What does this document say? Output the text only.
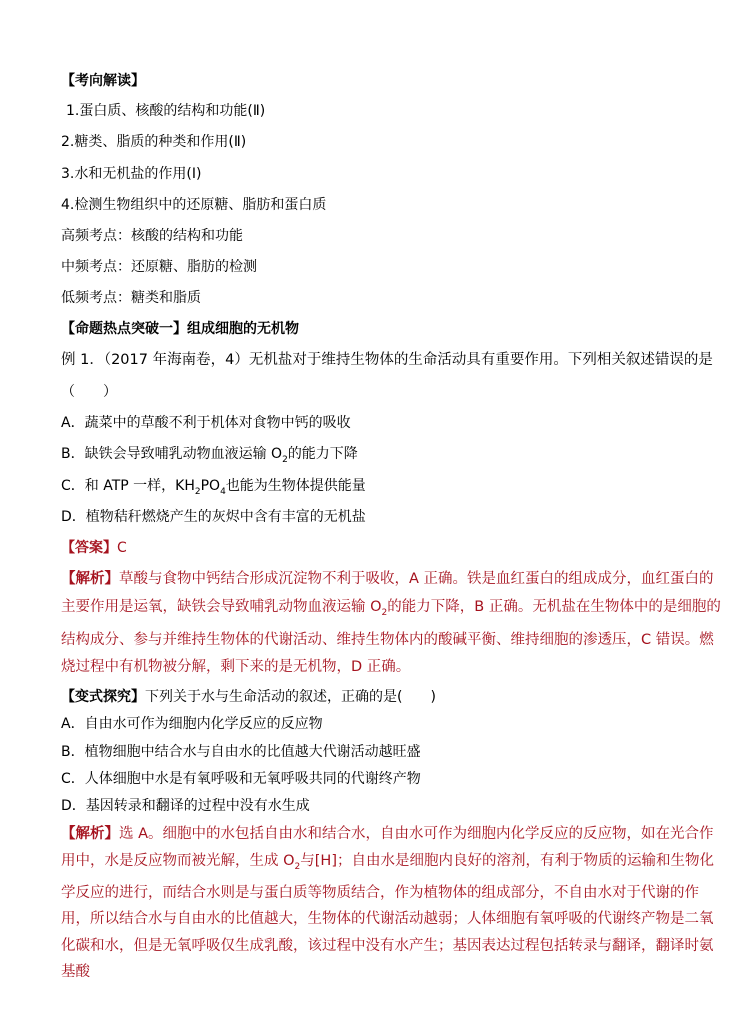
【考向解读】
1.蛋白质、核酸的结构和功能(Ⅱ)
2.糖类、脂质的种类和作用(Ⅱ)
3.水和无机盐的作用(Ⅰ)
4.检测生物组织中的还原糖、脂肪和蛋白质
高频考点：核酸的结构和功能
中频考点：还原糖、脂肪的检测
低频考点：糖类和脂质
【命题热点突破一】组成细胞的无机物
例 1．（2017 年海南卷，4）无机盐对于维持生物体的生命活动具有重要作用。下列相关叙述错误的是
（　　）
A．蔬菜中的草酸不利于机体对食物中钙的吸收
B．缺铁会导致哺乳动物血液运输 $O_2$的能力下降
C．和 ATP 一样，$KH_2PO_4$也能为生物体提供能量
D．植物秸秆燃烧产生的灰烬中含有丰富的无机盐
【答案】C
【解析】草酸与食物中钙结合形成沉淀物不利于吸收，A 正确。铁是血红蛋白的组成成分，血红蛋白的主要作用是运氧，缺铁会导致哺乳动物血液运输 $O_2$的能力下降，B 正确。无机盐在生物体中的是细胞的结构成分、参与并维持生物体的代谢活动、维持生物体内的酸碱平衡、维持细胞的渗透压，C 错误。燃烧过程中有机物被分解，剩下来的是无机物，D 正确。
【变式探究】下列关于水与生命活动的叙述，正确的是(　　)
A．自由水可作为细胞内化学反应的反应物
B．植物细胞中结合水与自由水的比值越大代谢活动越旺盛
C．人体细胞中水是有氧呼吸和无氧呼吸共同的代谢终产物
D．基因转录和翻译的过程中没有水生成
【解析】选 A。细胞中的水包括自由水和结合水，自由水可作为细胞内化学反应的反应物，如在光合作用中，水是反应物而被光解，生成 $O_2$与[H]；自由水是细胞内良好的溶剂，有利于物质的运输和生物化学反应的进行，而结合水则是与蛋白质等物质结合，作为植物体的组成部分，不自由水对于代谢的作用，所以结合水与自由水的比值越大，生物体的代谢活动越弱；人体细胞有氧呼吸的代谢终产物是二氧化碳和水，但是无氧呼吸仅生成乳酸，该过程中没有水产生；基因表达过程包括转录与翻译，翻译时氨基酸
